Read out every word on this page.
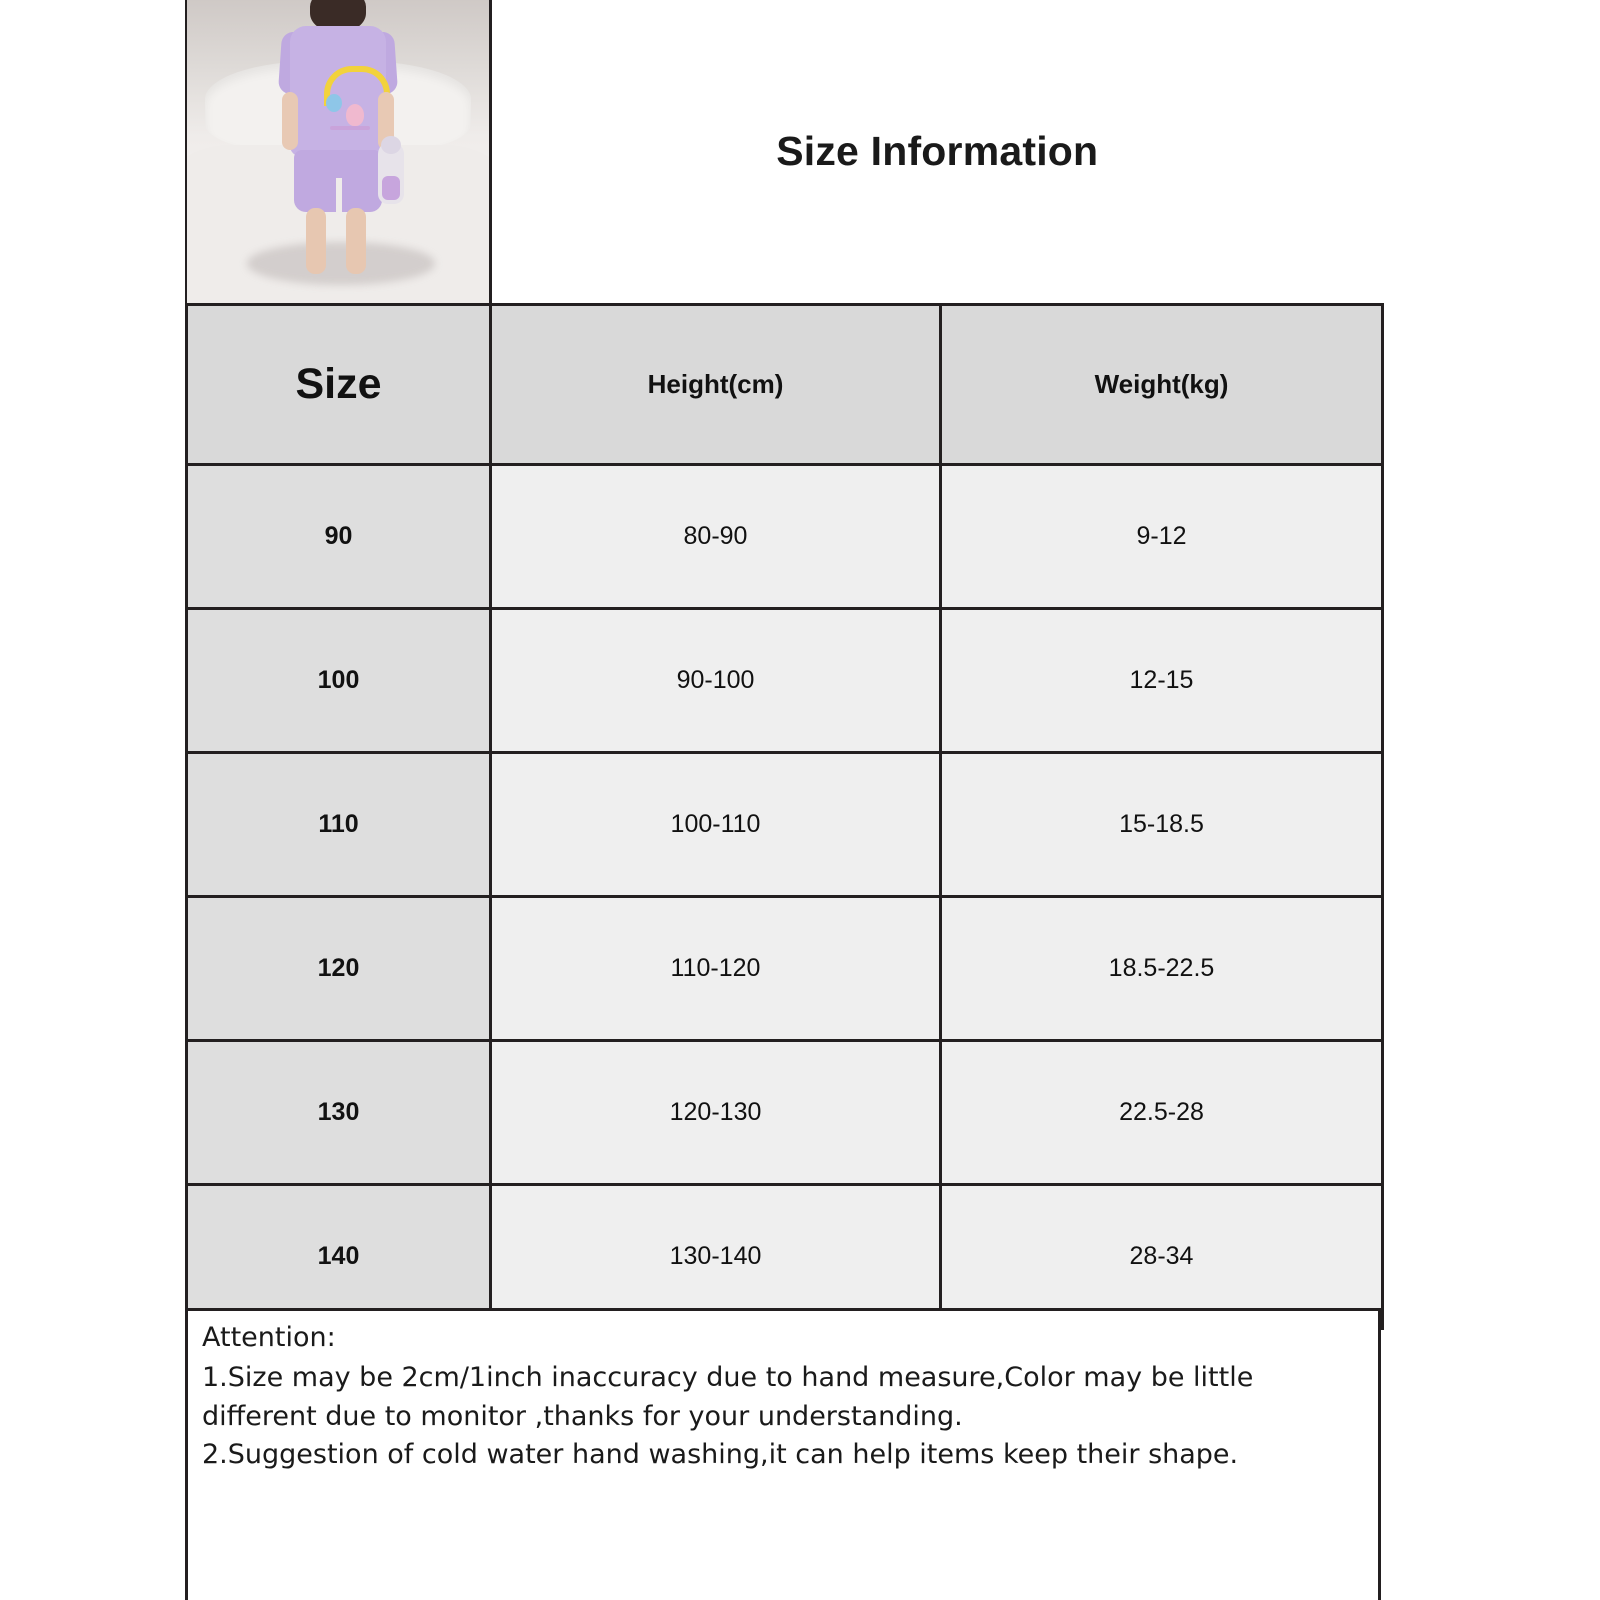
	Size Information	

Size	Height(cm)	Weight(kg)
90	80-90	9-12
100	90-100	12-15
110	100-110	15-18.5
120	110-120	18.5-22.5
130	120-130	22.5-28
140	130-140	28-34

Attention:

1.Size may be 2cm/1inch inaccuracy due to hand measure,Color may be little

different due to monitor ,thanks for your understanding.

2.Suggestion of cold water hand washing,it can help items keep their shape.
